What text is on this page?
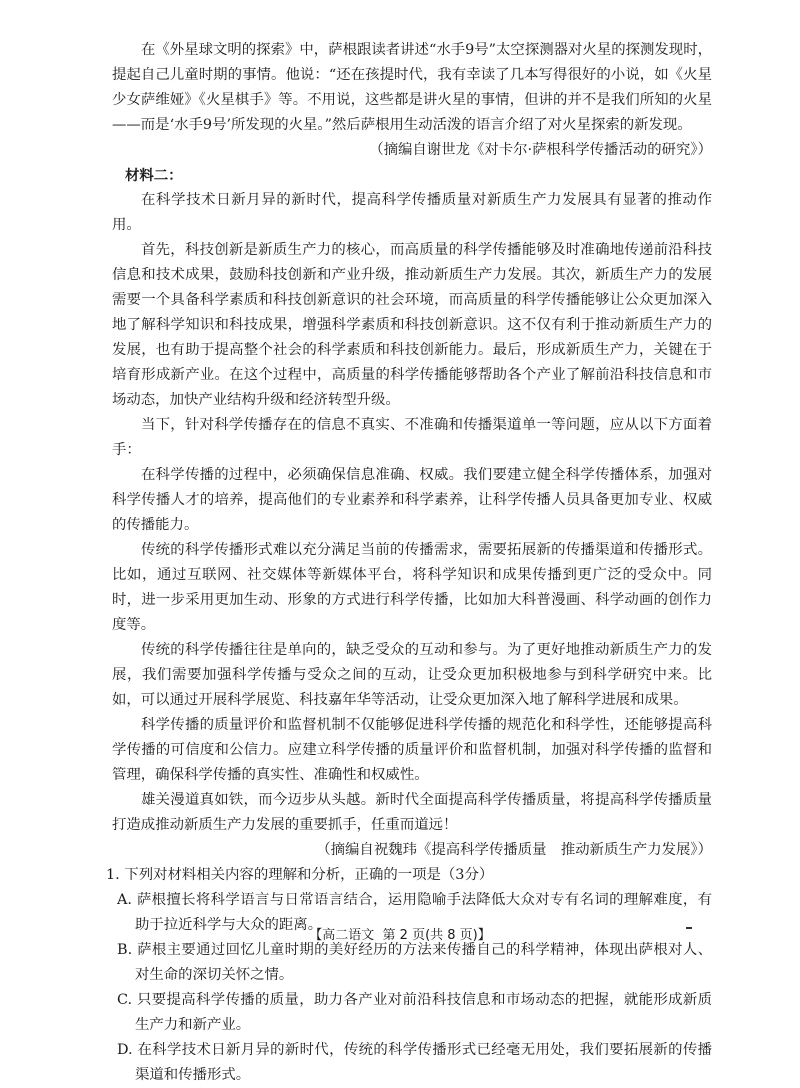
在《外星球文明的探索》中，萨根跟读者讲述“水手9号”太空探测器对火星的探测发现时，提起自己儿童时期的事情。他说：“还在孩提时代，我有幸读了几本写得很好的小说，如《火星少女萨维娅》《火星棋手》等。不用说，这些都是讲火星的事情，但讲的并不是我们所知的火星——而是‘水手9号’所发现的火星。”然后萨根用生动活泼的语言介绍了对火星探索的新发现。

（摘编自谢世龙《对卡尔·萨根科学传播活动的研究》）

材料二：

在科学技术日新月异的新时代，提高科学传播质量对新质生产力发展具有显著的推动作用。

首先，科技创新是新质生产力的核心，而高质量的科学传播能够及时准确地传递前沿科技信息和技术成果，鼓励科技创新和产业升级，推动新质生产力发展。其次，新质生产力的发展需要一个具备科学素质和科技创新意识的社会环境，而高质量的科学传播能够让公众更加深入地了解科学知识和科技成果，增强科学素质和科技创新意识。这不仅有利于推动新质生产力的发展，也有助于提高整个社会的科学素质和科技创新能力。最后，形成新质生产力，关键在于培育形成新产业。在这个过程中，高质量的科学传播能够帮助各个产业了解前沿科技信息和市场动态，加快产业结构升级和经济转型升级。

当下，针对科学传播存在的信息不真实、不准确和传播渠道单一等问题，应从以下方面着手：

在科学传播的过程中，必须确保信息准确、权威。我们要建立健全科学传播体系，加强对科学传播人才的培养，提高他们的专业素养和科学素养，让科学传播人员具备更加专业、权威的传播能力。

传统的科学传播形式难以充分满足当前的传播需求，需要拓展新的传播渠道和传播形式。比如，通过互联网、社交媒体等新媒体平台，将科学知识和成果传播到更广泛的受众中。同时，进一步采用更加生动、形象的方式进行科学传播，比如加大科普漫画、科学动画的创作力度等。

传统的科学传播往往是单向的，缺乏受众的互动和参与。为了更好地推动新质生产力的发展，我们需要加强科学传播与受众之间的互动，让受众更加积极地参与到科学研究中来。比如，可以通过开展科学展览、科技嘉年华等活动，让受众更加深入地了解科学进展和成果。

科学传播的质量评价和监督机制不仅能够促进科学传播的规范化和科学性，还能够提高科学传播的可信度和公信力。应建立科学传播的质量评价和监督机制，加强对科学传播的监督和管理，确保科学传播的真实性、准确性和权威性。

雄关漫道真如铁，而今迈步从头越。新时代全面提高科学传播质量，将提高科学传播质量打造成推动新质生产力发展的重要抓手，任重而道远！

（摘编自祝魏玮《提高科学传播质量　推动新质生产力发展》）

1. 下列对材料相关内容的理解和分析，正确的一项是（3分）

A. 萨根擅长将科学语言与日常语言结合，运用隐喻手法降低大众对专有名词的理解难度，有助于拉近科学与大众的距离。

B. 萨根主要通过回忆儿童时期的美好经历的方法来传播自己的科学精神，体现出萨根对人、对生命的深切关怀之情。

C. 只要提高科学传播的质量，助力各产业对前沿科技信息和市场动态的把握，就能形成新质生产力和新产业。

D. 在科学技术日新月异的新时代，传统的科学传播形式已经毫无用处，我们要拓展新的传播渠道和传播形式。

【高二语文 第 2 页(共 8 页)】
